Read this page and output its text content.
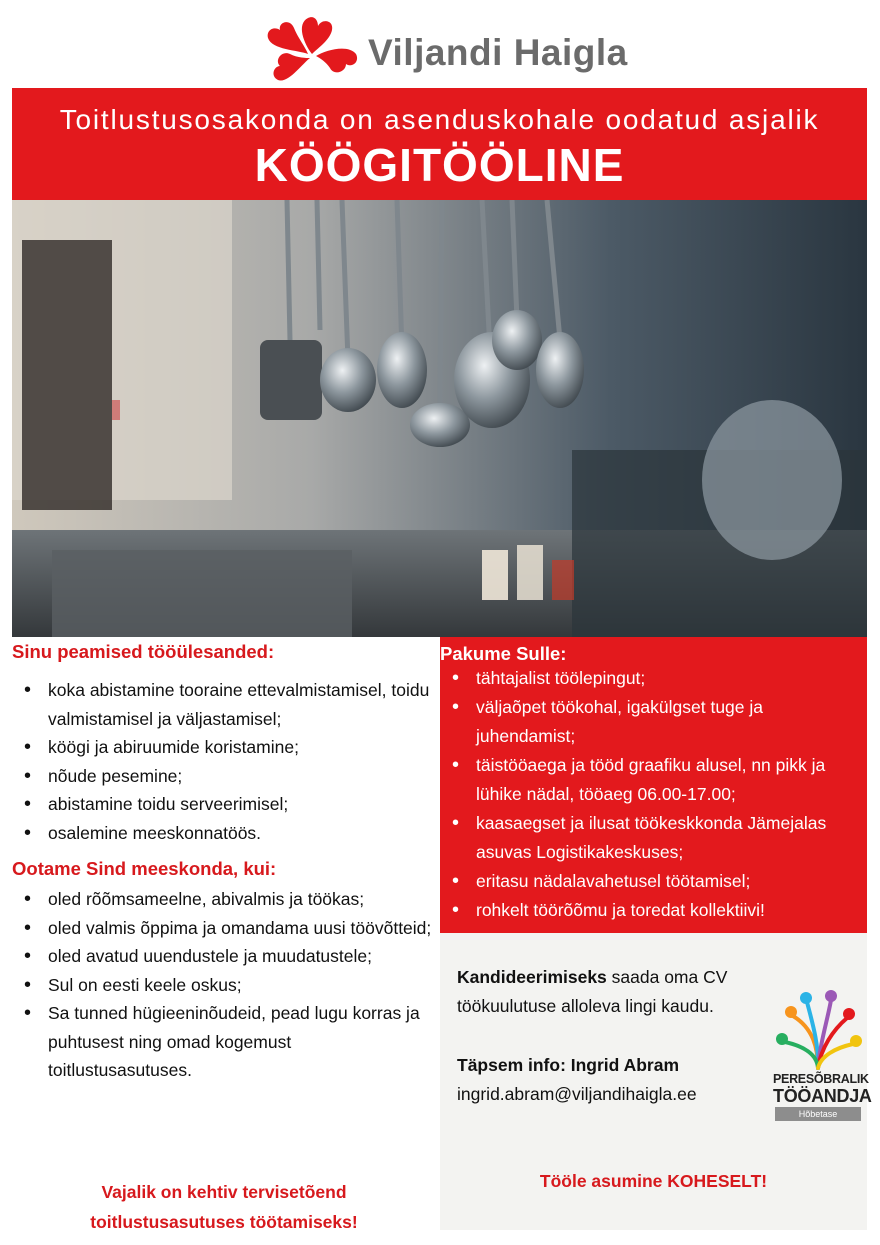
Viljandi Haigla
Toitlustusosakonda on asenduskohale oodatud asjalik
KÖÖGITÖÖLINE

Sinu peamised tööülesanded:

• koka abistamine tooraine ettevalmistamisel, toidu valmistamisel ja väljastamisel;
• köögi ja abiruumide koristamine;
• nõude pesemine;
• abistamine toidu serveerimisel;
• osalemine meeskonnatöös.

Ootame Sind meeskonda, kui:

• oled rõõmsameelne, abivalmis ja töökas;
• oled valmis õppima ja omandama uusi töövõtteid;
• oled avatud uuendustele ja muudatustele;
• Sul on eesti keele oskus;
• Sa tunned hügieeninõudeid, pead lugu korras ja puhtusest ning omad kogemust toitlustusasutuses.
Vajalik on kehtiv tervisetõend
toitlustusasutuses töötamiseks!
Pakume Sulle:
• tähtajalist töölepingut;
• väljaõpet töökohal, igakülgset tuge ja juhendamist;
• täistööaega ja tööd graafiku alusel, nn pikk ja lühike nädal, tööaeg 06.00-17.00;
• kaasaegset ja ilusat töökeskkonda Jämejalas asuvas Logistikakeskuses;
• eritasu nädalavahetusel töötamisel;
• rohkelt töörõõmu ja toredat kollektiivi!
Kandideerimiseks saada oma CV töökuulutuse alloleva lingi kaudu.
Täpsem info: Ingrid Abram
ingrid.abram@viljandihaigla.ee
Tööle asumine KOHESELT!
PERESÕBRALIK
TÖÖANDJA
Hõbetase
